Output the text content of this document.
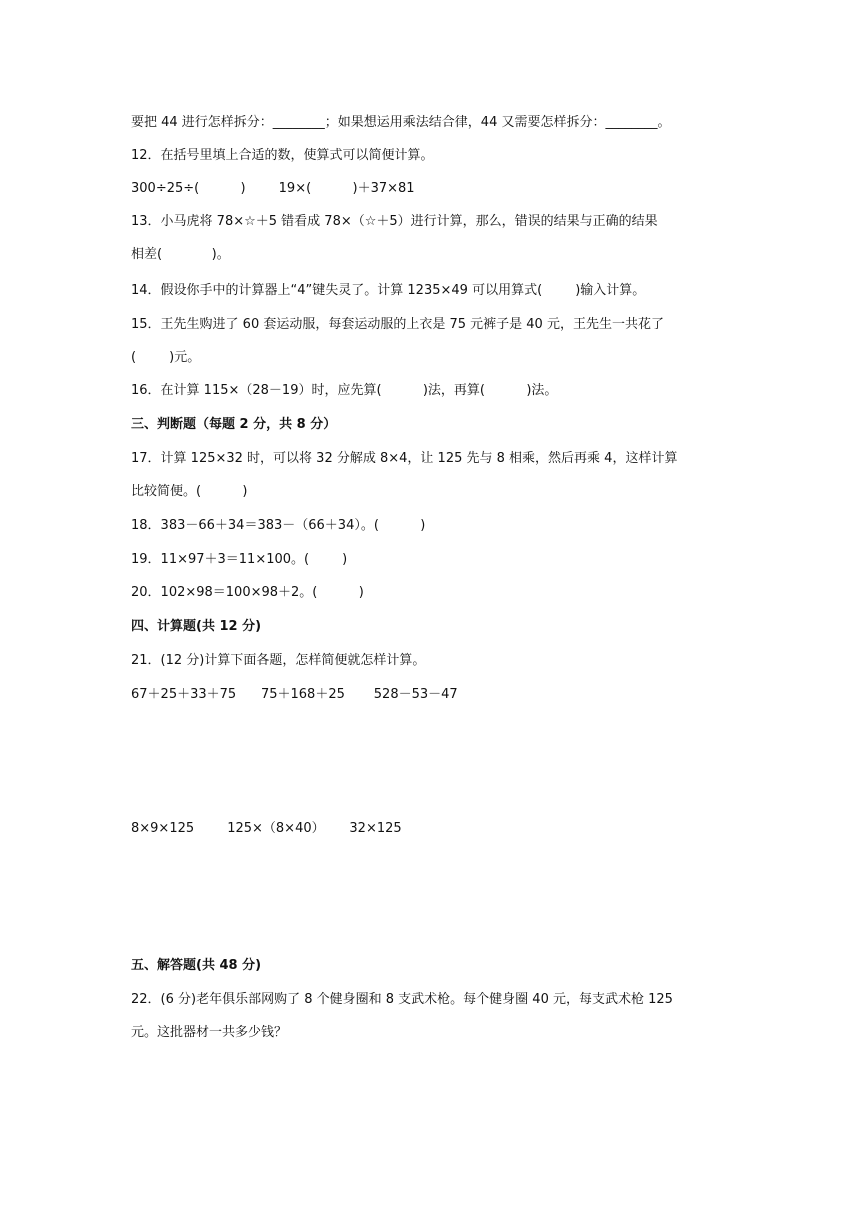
要把 44 进行怎样拆分：________；如果想运用乘法结合律，44 又需要怎样拆分：________。
12．在括号里填上合适的数，使算式可以简便计算。
300÷25÷(          )        19×(          )＋37×81
13．小马虎将 78×☆＋5 错看成 78×（☆＋5）进行计算，那么，错误的结果与正确的结果
相差(            )。
14．假设你手中的计算器上“4”键失灵了。计算 1235×49 可以用算式(        )输入计算。
15．王先生购进了 60 套运动服，每套运动服的上衣是 75 元裤子是 40 元，王先生一共花了
(        )元。
16．在计算 115×（28－19）时，应先算(          )法，再算(          )法。
三、判断题（每题 2 分，共 8 分）
17．计算 125×32 时，可以将 32 分解成 8×4，让 125 先与 8 相乘，然后再乘 4，这样计算
比较简便。(          )
18．383－66＋34＝383－（66＋34）。(          )
19．11×97＋3＝11×100。(        )
20．102×98＝100×98＋2。(          )
四、计算题(共 12 分)
21．(12 分)计算下面各题，怎样简便就怎样计算。
67＋25＋33＋75      75＋168＋25       528－53－47
8×9×125        125×（8×40）      32×125
五、解答题(共 48 分)
22．(6 分)老年俱乐部网购了 8 个健身圈和 8 支武术枪。每个健身圈 40 元，每支武术枪 125
元。这批器材一共多少钱？
